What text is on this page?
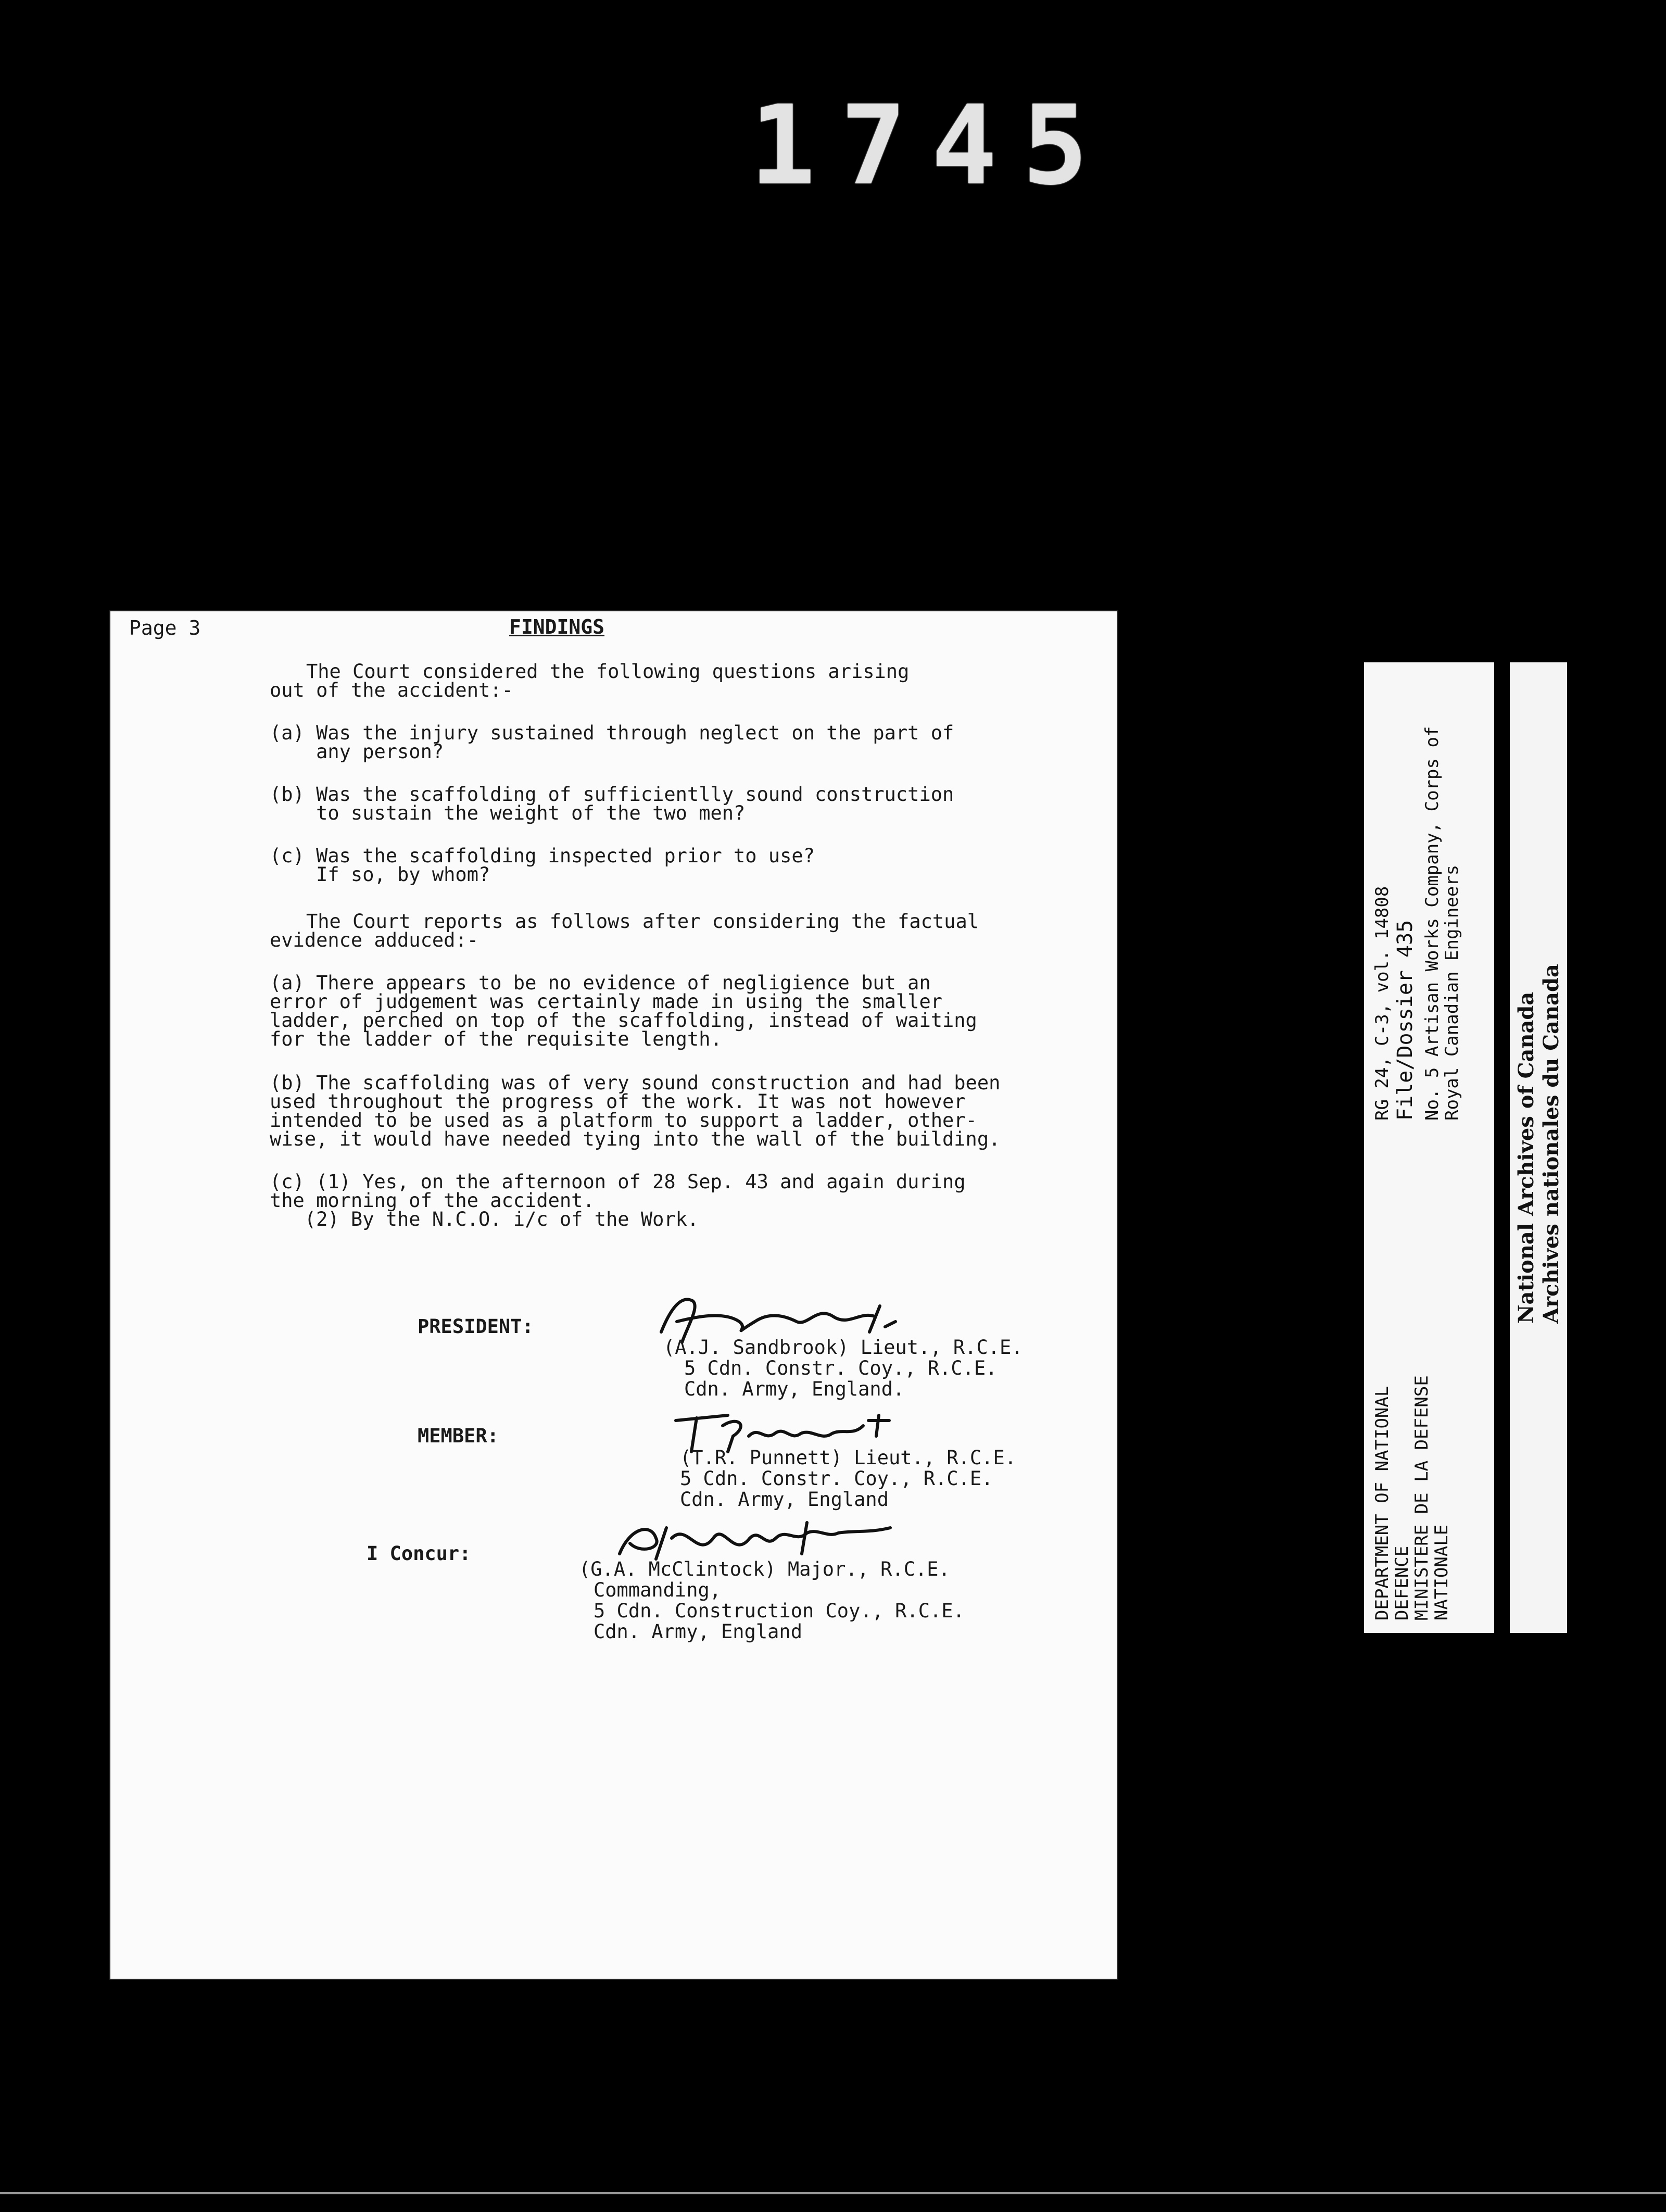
1745
Page 3	FINDINGS
The Court considered the following questions arising
out of the accident:-
(a) Was the injury sustained through neglect on the part of
any person?
(b) Was the scaffolding of sufficientlly sound construction
to sustain the weight of the two men?
(c) Was the scaffolding inspected prior to use?
If so, by whom?
The Court reports as follows after considering the factual
evidence adduced:-
(a) There appears to be no evidence of negligience but an
error of judgement was certainly made in using the smaller
ladder, perched on top of the scaffolding, instead of waiting
for the ladder of the requisite length.
(b) The scaffolding was of very sound construction and had been
used throughout the progress of the work. It was not however
intended to be used as a platform to support a ladder, other-
wise, it would have needed tying into the wall of the building.
(c) (1) Yes, on the afternoon of 28 Sep. 43 and again during
the morning of the accident.
(2) By the N.C.O. i/c of the Work.
PRESIDENT:
(A.J. Sandbrook) Lieut., R.C.E.
5 Cdn. Constr. Coy., R.C.E.
Cdn. Army, England.
MEMBER:
(T.R. Punnett) Lieut., R.C.E.
5 Cdn. Constr. Coy., R.C.E.
Cdn. Army, England
I Concur:
(G.A. McClintock) Major., R.C.E.
Commanding,
5 Cdn. Construction Coy., R.C.E.
Cdn. Army, England
DEPARTMENT OF NATIONAL
DEFENCE
MINISTERE DE LA DEFENSE
NATIONALE
RG 24, C-3, vol. 14808 File/Dossier 435 No. 5 Artisan Works Company, Corps of
Royal Canadian Engineers National Archives of Canada Archives nationales du Canada
